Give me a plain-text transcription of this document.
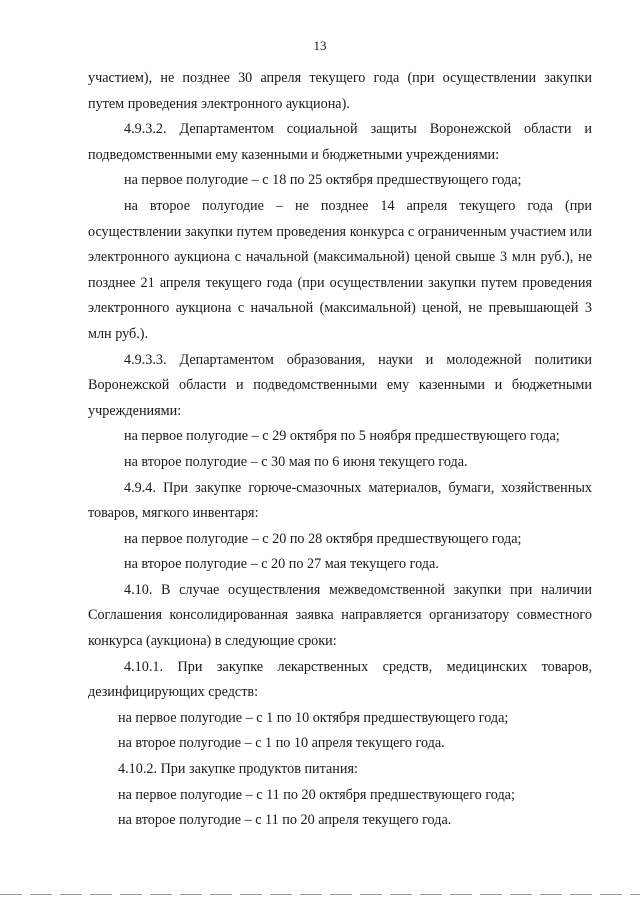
13

участием), не позднее 30 апреля текущего года (при осуществлении закупки

путем проведения электронного аукциона).

4.9.3.2. Департаментом социальной защиты Воронежской области и

подведомственными ему казенными и бюджетными учреждениями:

на первое полугодие – с 18 по 25 октября предшествующего года;

на второе полугодие – не позднее 14 апреля текущего года (при осуществлении закупки путем проведения конкурса с ограниченным участием или электронного аукциона с начальной (максимальной) ценой свыше 3 млн руб.), не позднее 21 апреля текущего года (при осуществлении закупки путем проведения электронного аукциона с начальной (максимальной) ценой, не превышающей 3 млн руб.).

4.9.3.3. Департаментом образования, науки и молодежной политики Воронежской области и подведомственными ему казенными и бюджетными учреждениями:

на первое полугодие – с 29 октября по 5 ноября предшествующего года;

на второе полугодие – с 30 мая по 6 июня текущего года.

4.9.4. При закупке горюче-смазочных материалов, бумаги, хозяйственных товаров, мягкого инвентаря:

на первое полугодие – с 20 по 28 октября предшествующего года;

на второе полугодие – с 20 по 27 мая текущего года.

4.10. В случае осуществления межведомственной закупки при наличии Соглашения консолидированная заявка направляется организатору совместного конкурса (аукциона) в следующие сроки:

4.10.1. При закупке лекарственных средств, медицинских товаров, дезинфицирующих средств:

на первое полугодие – с 1 по 10 октября предшествующего года;

на второе полугодие – с 1 по 10 апреля текущего года.

4.10.2. При закупке продуктов питания:

на первое полугодие – с 11 по 20 октября предшествующего года;

на второе полугодие – с 11 по 20 апреля текущего года.
